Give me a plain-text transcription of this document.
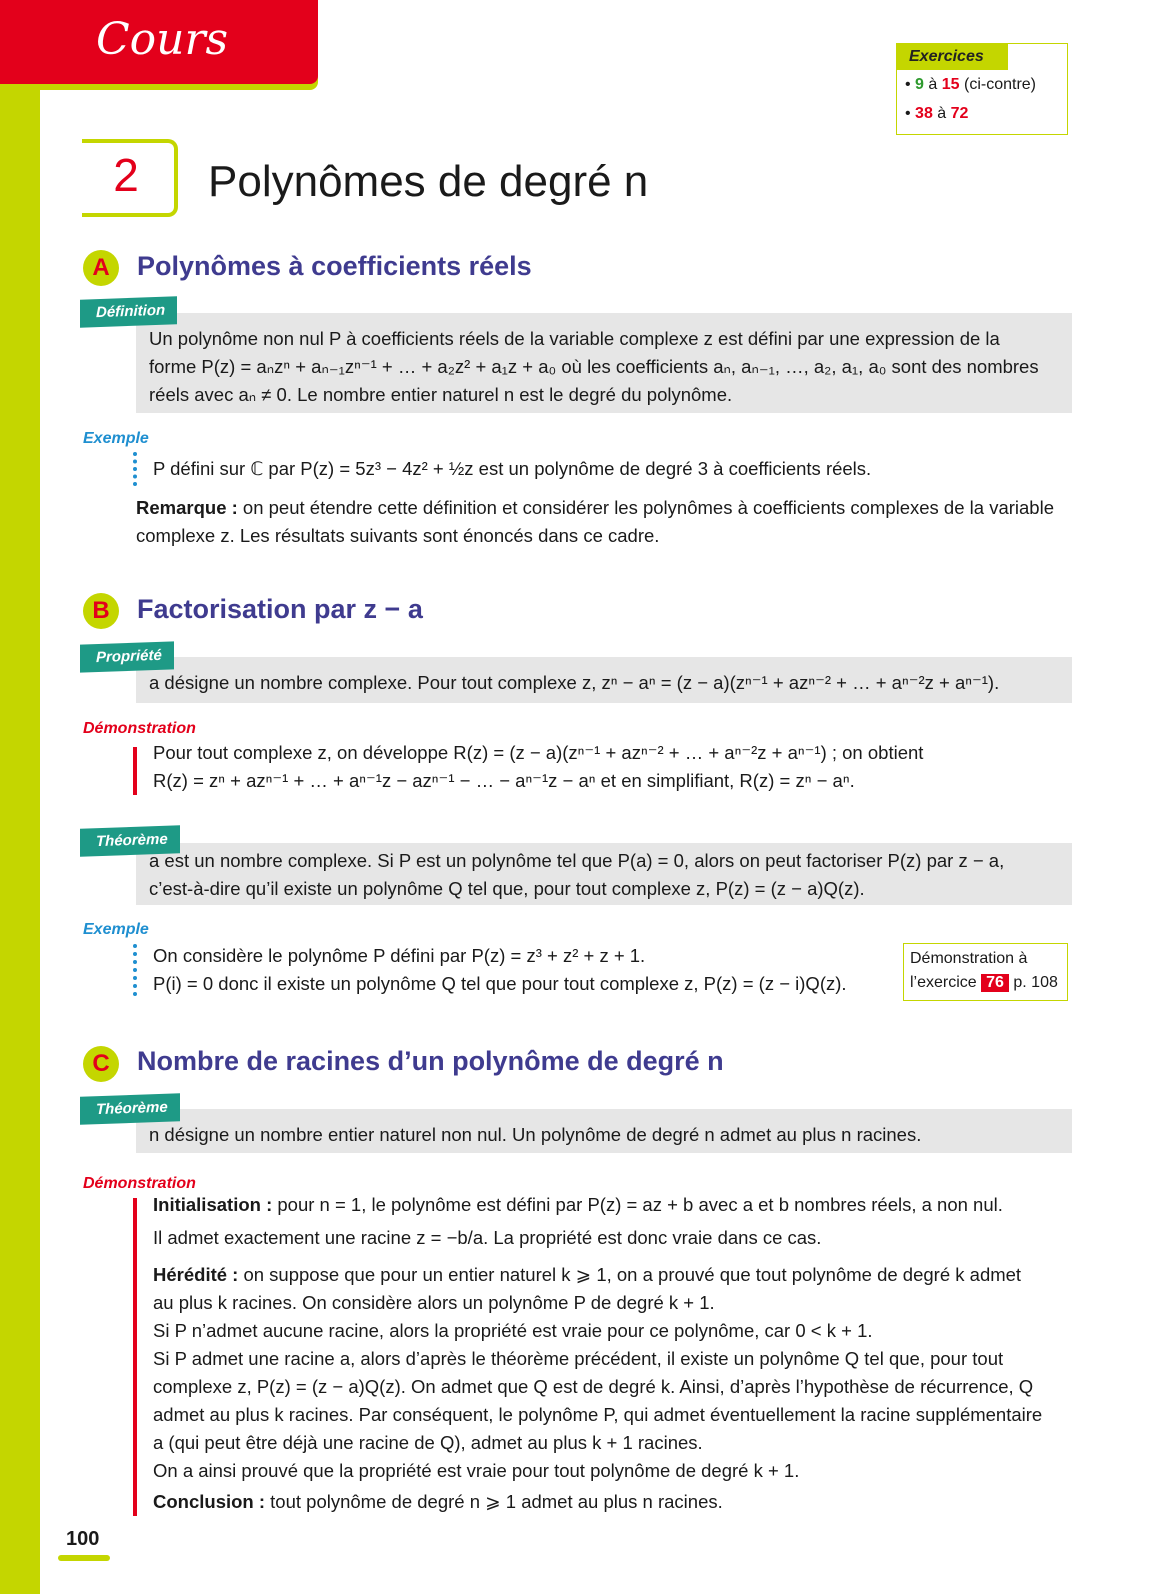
Cours	Exercices
• 9 à 15 (ci-contre)
• 38 à 72
2 Polynômes de degré n
A	Polynômes à coefficients réels
Définition
Un polynôme non nul P à coefficients réels de la variable complexe z est défini par une expression de la
forme P(z) = aₙzⁿ + aₙ₋₁zⁿ⁻¹ + … + a₂z² + a₁z + a₀ où les coefficients aₙ, aₙ₋₁, …, a₂, a₁, a₀ sont des nombres
réels avec aₙ ≠ 0. Le nombre entier naturel n est le degré du polynôme.
Exemple
P défini sur ℂ par P(z) = 5z³ − 4z² + ½z est un polynôme de degré 3 à coefficients réels.
Remarque : on peut étendre cette définition et considérer les polynômes à coefficients complexes de la variable
complexe z. Les résultats suivants sont énoncés dans ce cadre.
B	Factorisation par z − a
Propriété
a désigne un nombre complexe. Pour tout complexe z, zⁿ − aⁿ = (z − a)(zⁿ⁻¹ + azⁿ⁻² + … + aⁿ⁻²z + aⁿ⁻¹).
Démonstration
Pour tout complexe z, on développe R(z) = (z − a)(zⁿ⁻¹ + azⁿ⁻² + … + aⁿ⁻²z + aⁿ⁻¹) ; on obtient
R(z) = zⁿ + azⁿ⁻¹ + … + aⁿ⁻¹z − azⁿ⁻¹ − … − aⁿ⁻¹z − aⁿ et en simplifiant, R(z) = zⁿ − aⁿ.
Théorème
a est un nombre complexe. Si P est un polynôme tel que P(a) = 0, alors on peut factoriser P(z) par z − a,
c’est-à-dire qu’il existe un polynôme Q tel que, pour tout complexe z, P(z) = (z − a)Q(z).
Exemple
On considère le polynôme P défini par P(z) = z³ + z² + z + 1.
P(i) = 0 donc il existe un polynôme Q tel que pour tout complexe z, P(z) = (z − i)Q(z).
Démonstration à
l’exercice 76 p. 108
C	Nombre de racines d’un polynôme de degré n
Théorème
n désigne un nombre entier naturel non nul. Un polynôme de degré n admet au plus n racines.
Démonstration
Initialisation : pour n = 1, le polynôme est défini par P(z) = az + b avec a et b nombres réels, a non nul.
Il admet exactement une racine z = −b/a. La propriété est donc vraie dans ce cas.
Hérédité : on suppose que pour un entier naturel k ⩾ 1, on a prouvé que tout polynôme de degré k admet
au plus k racines. On considère alors un polynôme P de degré k + 1.
Si P n’admet aucune racine, alors la propriété est vraie pour ce polynôme, car 0 < k + 1.
Si P admet une racine a, alors d’après le théorème précédent, il existe un polynôme Q tel que, pour tout
complexe z, P(z) = (z − a)Q(z). On admet que Q est de degré k. Ainsi, d’après l’hypothèse de récurrence, Q
admet au plus k racines. Par conséquent, le polynôme P, qui admet éventuellement la racine supplémentaire
a (qui peut être déjà une racine de Q), admet au plus k + 1 racines.
On a ainsi prouvé que la propriété est vraie pour tout polynôme de degré k + 1.
Conclusion : tout polynôme de degré n ⩾ 1 admet au plus n racines.
100
